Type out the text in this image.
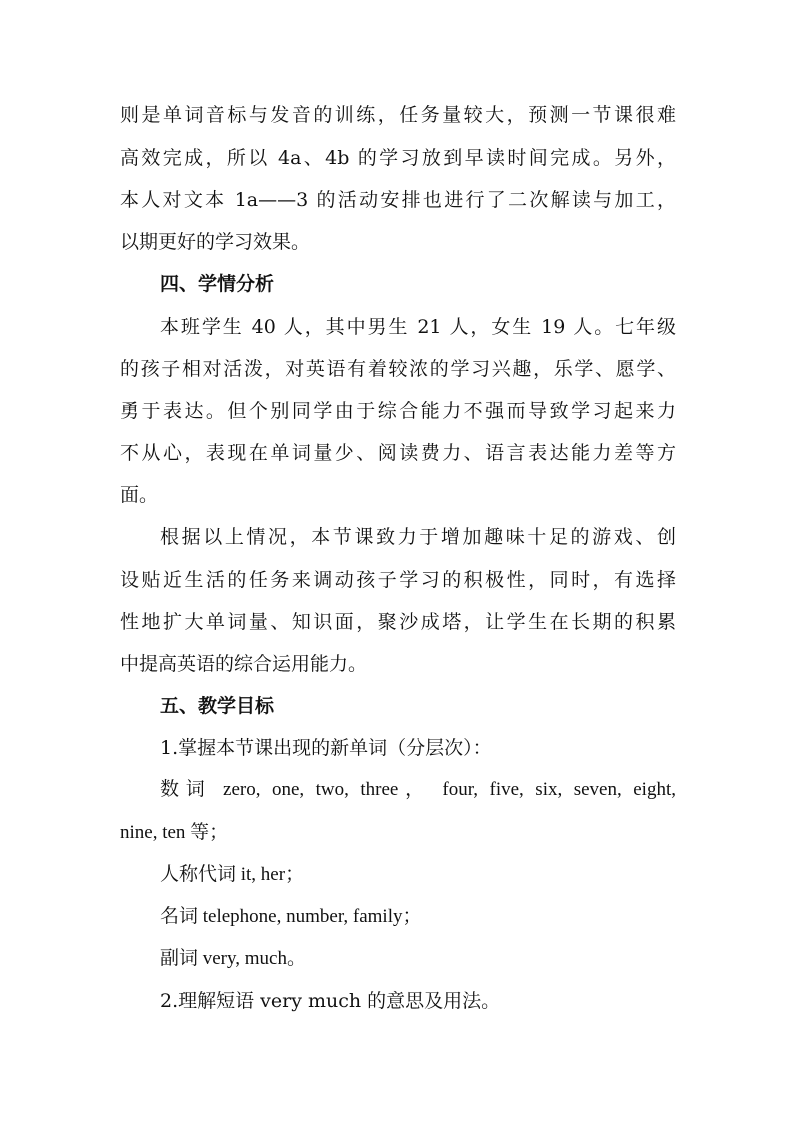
则是单词音标与发音的训练，任务量较大，预测一节课很难
高效完成，所以 4a、4b 的学习放到早读时间完成。另外，
本人对文本 1a——3 的活动安排也进行了二次解读与加工，
以期更好的学习效果。
四、学情分析
本班学生 40 人，其中男生 21 人，女生 19 人。七年级
的孩子相对活泼，对英语有着较浓的学习兴趣，乐学、愿学、
勇于表达。但个别同学由于综合能力不强而导致学习起来力
不从心，表现在单词量少、阅读费力、语言表达能力差等方
面。
根据以上情况，本节课致力于增加趣味十足的游戏、创
设贴近生活的任务来调动孩子学习的积极性，同时，有选择
性地扩大单词量、知识面，聚沙成塔，让学生在长期的积累
中提高英语的综合运用能力。
五、教学目标
1.掌握本节课出现的新单词（分层次）：
数词 zero, one, two, three， four, five, six, seven, eight,
nine, ten 等；
人称代词 it, her；
名词 telephone, number, family；
副词 very, much。
2.理解短语 very much 的意思及用法。
